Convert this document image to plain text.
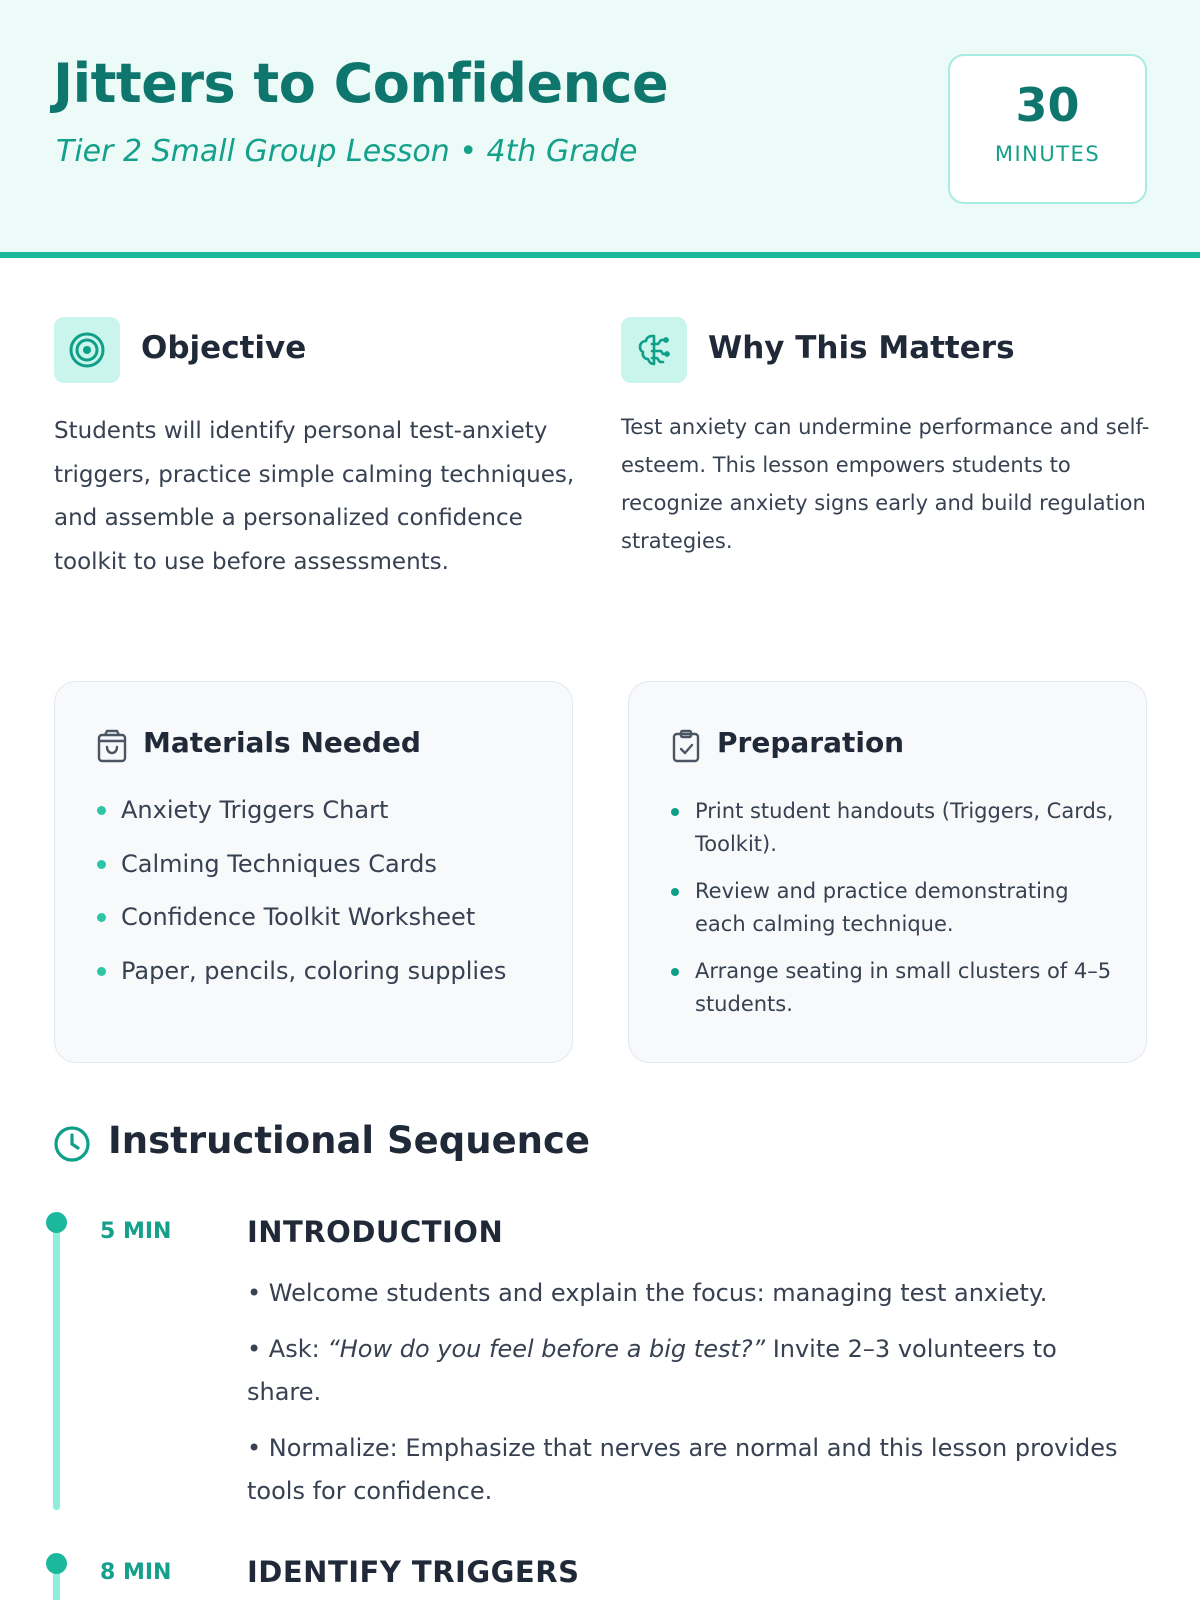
Jitters to Confidence
Tier 2 Small Group Lesson • 4th Grade
30
MINUTES
Objective

Students will identify personal test-anxiety triggers, practice simple calming techniques, and assemble a personalized confidence toolkit to use before assessments.

Why This Matters

Test anxiety can undermine performance and self-esteem. This lesson empowers students to recognize anxiety signs early and build regulation strategies.

Materials Needed
Anxiety Triggers Chart
Calming Techniques Cards
Confidence Toolkit Worksheet
Paper, pencils, coloring supplies
Preparation
Print student handouts (Triggers, Cards, Toolkit).
Review and practice demonstrating each calming technique.
Arrange seating in small clusters of 4–5 students.
Instructional Sequence
5 MIN	INTRODUCTION

• Welcome students and explain the focus: managing test anxiety.

• Ask: “How do you feel before a big test?” Invite 2–3 volunteers to share.

• Normalize: Emphasize that nerves are normal and this lesson provides tools for confidence.

8 MIN	IDENTIFY TRIGGERS
